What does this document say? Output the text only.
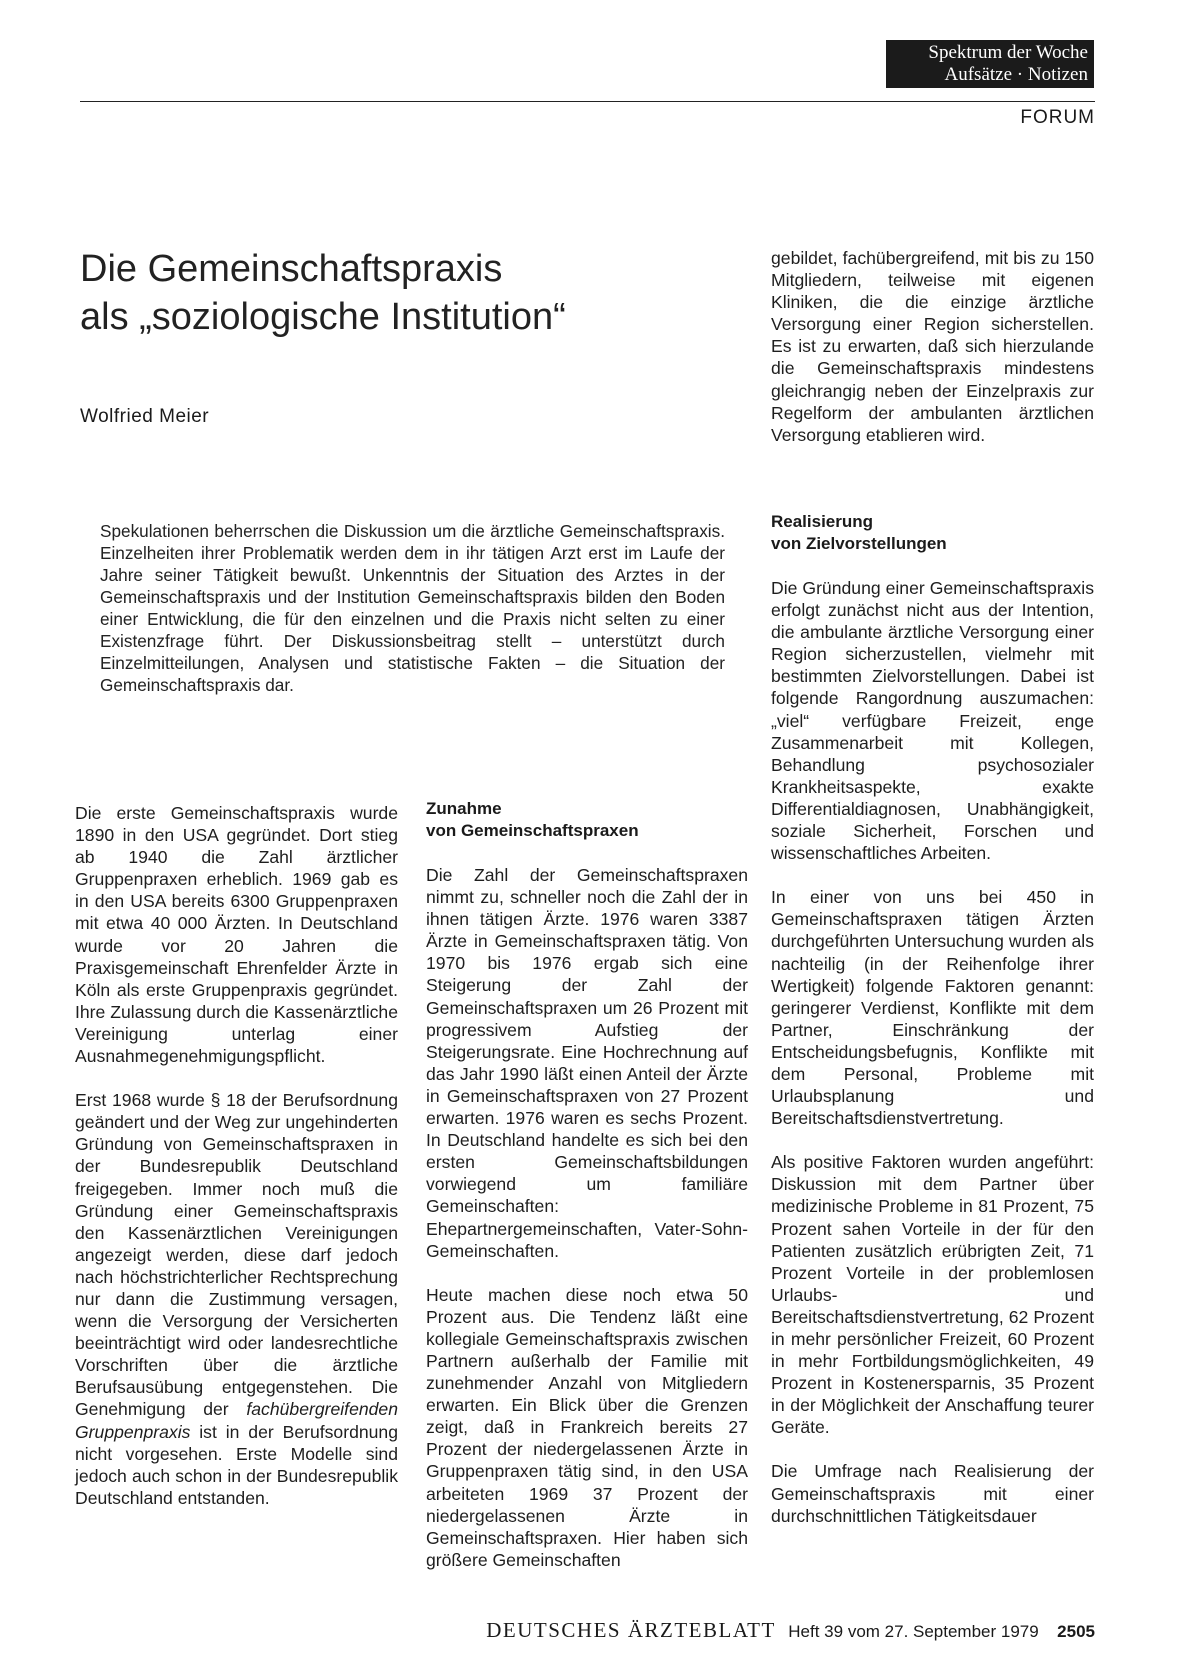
Spektrum der Woche
Aufsätze · Notizen
FORUM
Die Gemeinschaftspraxis
als „soziologische Institution“
Wolfried Meier
Spekulationen beherrschen die Diskussion um die ärztliche Gemeinschaftspraxis. Einzelheiten ihrer Problematik werden dem in ihr tätigen Arzt erst im Laufe der Jahre seiner Tätigkeit bewußt. Unkenntnis der Situation des Arztes in der Gemeinschaftspraxis und der Institution Gemeinschaftspraxis bilden den Boden einer Entwicklung, die für den einzelnen und die Praxis nicht selten zu einer Existenzfrage führt. Der Diskussionsbeitrag stellt – unterstützt durch Einzelmitteilungen, Analysen und statistische Fakten – die Situation der Gemeinschaftspraxis dar.

gebildet, fachübergreifend, mit bis zu 150 Mitgliedern, teilweise mit eigenen Kliniken, die die einzige ärztliche Versorgung einer Region sicherstellen. Es ist zu erwarten, daß sich hierzulande die Gemeinschaftspraxis mindestens gleichrangig neben der Einzelpraxis zur Regelform der ambulanten ärztlichen Versorgung etablieren wird.

Die erste Gemeinschaftspraxis wurde 1890 in den USA gegründet. Dort stieg ab 1940 die Zahl ärztlicher Gruppenpraxen erheblich. 1969 gab es in den USA bereits 6300 Gruppenpraxen mit etwa 40 000 Ärzten. In Deutschland wurde vor 20 Jahren die Praxisgemeinschaft Ehrenfelder Ärzte in Köln als erste Gruppenpraxis gegründet. Ihre Zulassung durch die Kassenärztliche Vereinigung unterlag einer Ausnahmegenehmigungspflicht.

Erst 1968 wurde § 18 der Berufsordnung geändert und der Weg zur ungehinderten Gründung von Gemeinschaftspraxen in der Bundesrepublik Deutschland freigegeben. Immer noch muß die Gründung einer Gemeinschaftspraxis den Kassenärztlichen Vereinigungen angezeigt werden, diese darf jedoch nach höchstrichterlicher Rechtsprechung nur dann die Zustimmung versagen, wenn die Versorgung der Versicherten beeinträchtigt wird oder landesrechtliche Vorschriften über die ärztliche Berufsausübung entgegenstehen. Die Genehmigung der fachübergreifenden Gruppenpraxis ist in der Berufsordnung nicht vorgesehen. Erste Modelle sind jedoch auch schon in der Bundesrepublik Deutschland entstanden.

Zunahme
von Gemeinschaftspraxen

Die Zahl der Gemeinschaftspraxen nimmt zu, schneller noch die Zahl der in ihnen tätigen Ärzte. 1976 waren 3387 Ärzte in Gemeinschaftspraxen tätig. Von 1970 bis 1976 ergab sich eine Steigerung der Zahl der Gemeinschaftspraxen um 26 Prozent mit progressivem Aufstieg der Steigerungsrate. Eine Hochrechnung auf das Jahr 1990 läßt einen Anteil der Ärzte in Gemeinschaftspraxen von 27 Prozent erwarten. 1976 waren es sechs Prozent. In Deutschland handelte es sich bei den ersten Gemeinschaftsbildungen vorwiegend um familiäre Gemeinschaften: Ehepartnergemeinschaften, Vater-Sohn-Gemeinschaften.

Heute machen diese noch etwa 50 Prozent aus. Die Tendenz läßt eine kollegiale Gemeinschaftspraxis zwischen Partnern außerhalb der Familie mit zunehmender Anzahl von Mitgliedern erwarten. Ein Blick über die Grenzen zeigt, daß in Frankreich bereits 27 Prozent der niedergelassenen Ärzte in Gruppenpraxen tätig sind, in den USA arbeiteten 1969 37 Prozent der niedergelassenen Ärzte in Gemeinschaftspraxen. Hier haben sich größere Gemeinschaften

Realisierung
von Zielvorstellungen

Die Gründung einer Gemeinschaftspraxis erfolgt zunächst nicht aus der Intention, die ambulante ärztliche Versorgung einer Region sicherzustellen, vielmehr mit bestimmten Zielvorstellungen. Dabei ist folgende Rangordnung auszumachen: „viel“ verfügbare Freizeit, enge Zusammenarbeit mit Kollegen, Behandlung psychosozialer Krankheitsaspekte, exakte Differentialdiagnosen, Unabhängigkeit, soziale Sicherheit, Forschen und wissenschaftliches Arbeiten.

In einer von uns bei 450 in Gemeinschaftspraxen tätigen Ärzten durchgeführten Untersuchung wurden als nachteilig (in der Reihenfolge ihrer Wertigkeit) folgende Faktoren genannt: geringerer Verdienst, Konflikte mit dem Partner, Einschränkung der Entscheidungsbefugnis, Konflikte mit dem Personal, Probleme mit Urlaubsplanung und Bereitschaftsdienstvertretung.

Als positive Faktoren wurden angeführt: Diskussion mit dem Partner über medizinische Probleme in 81 Prozent, 75 Prozent sahen Vorteile in der für den Patienten zusätzlich erübrigten Zeit, 71 Prozent Vorteile in der problemlosen Urlaubs- und Bereitschaftsdienstvertretung, 62 Prozent in mehr persönlicher Freizeit, 60 Prozent in mehr Fortbildungsmöglichkeiten, 49 Prozent in Kostenersparnis, 35 Prozent in der Möglichkeit der Anschaffung teurer Geräte.

Die Umfrage nach Realisierung der Gemeinschaftspraxis mit einer durchschnittlichen Tätigkeitsdauer

DEUTSCHES ÄRZTEBLATT Heft 39 vom 27. September 1979 2505
